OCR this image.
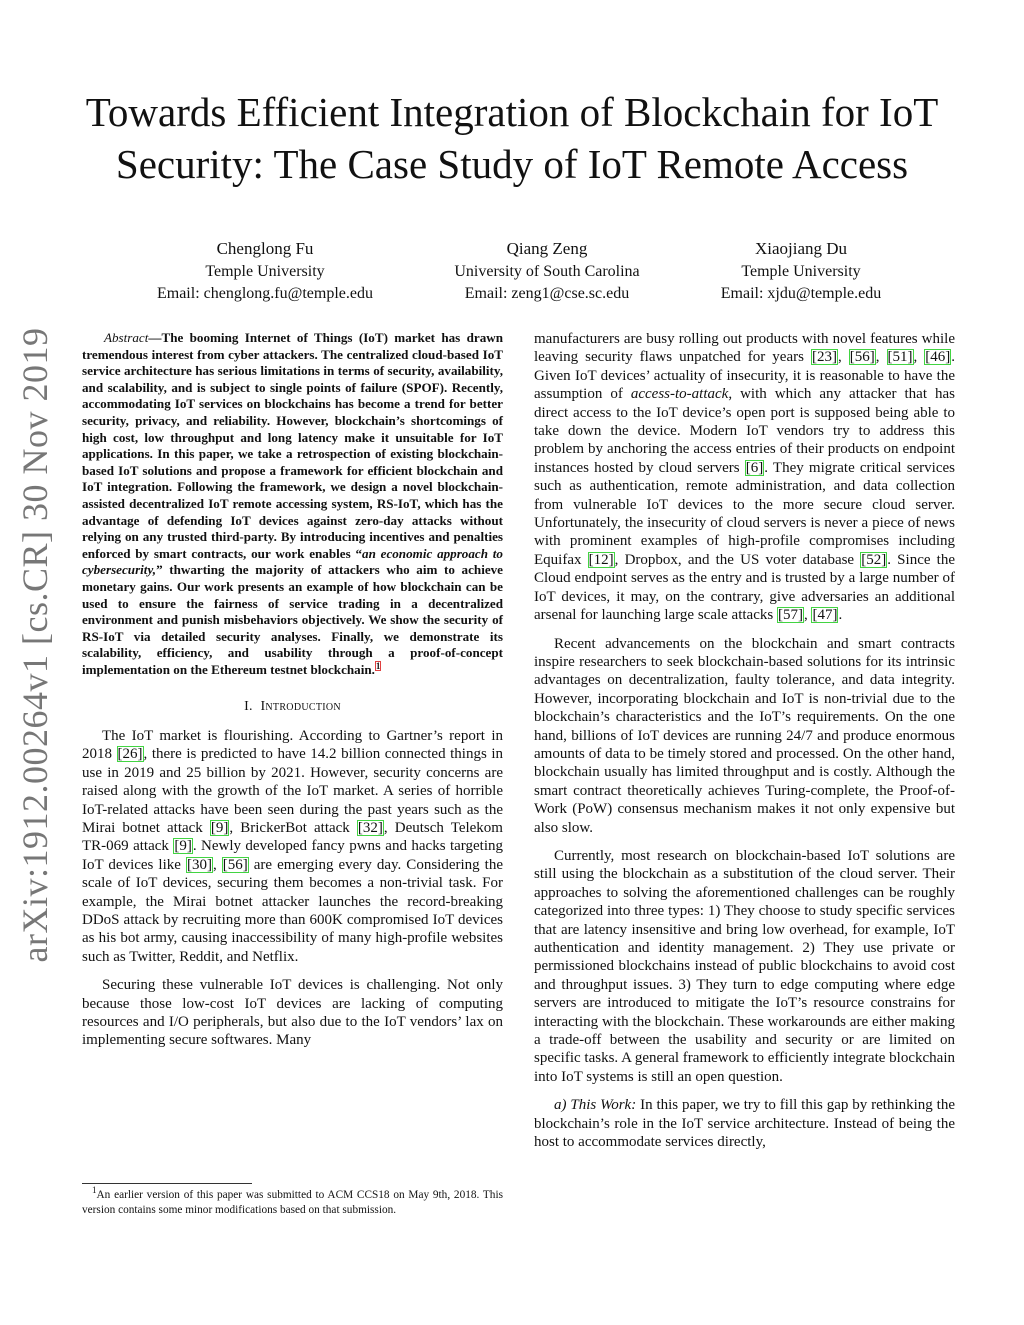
arXiv:1912.00264v1 [cs.CR] 30 Nov 2019
Towards Efficient Integration of Blockchain for IoT Security: The Case Study of IoT Remote Access
Chenglong Fu
Temple University
Email: chenglong.fu@temple.edu
Qiang Zeng
University of South Carolina
Email: zeng1@cse.sc.edu
Xiaojiang Du
Temple University
Email: xjdu@temple.edu

Abstract—The booming Internet of Things (IoT) market has drawn tremendous interest from cyber attackers. The centralized cloud-based IoT service architecture has serious limitations in terms of security, availability, and scalability, and is subject to single points of failure (SPOF). Recently, accommodating IoT services on blockchains has become a trend for better security, privacy, and reliability. However, blockchain’s shortcomings of high cost, low throughput and long latency make it unsuitable for IoT applications. In this paper, we take a retrospection of existing blockchain-based IoT solutions and propose a framework for efficient blockchain and IoT integration. Following the framework, we design a novel blockchain-assisted decentralized IoT remote accessing system, RS-IoT, which has the advantage of defending IoT devices against zero-day attacks without relying on any trusted third-party. By introducing incentives and penalties enforced by smart contracts, our work enables “an economic approach to cybersecurity,” thwarting the majority of attackers who aim to achieve monetary gains. Our work presents an example of how blockchain can be used to ensure the fairness of service trading in a decentralized environment and punish misbehaviors objectively. We show the security of RS-IoT via detailed security analyses. Finally, we demonstrate its scalability, efficiency, and usability through a proof-of-concept implementation on the Ethereum testnet blockchain.$^1$

I. Introduction

The IoT market is flourishing. According to Gartner’s report in 2018 [26], there is predicted to have 14.2 billion connected things in use in 2019 and 25 billion by 2021. However, security concerns are raised along with the growth of the IoT market. A series of horrible IoT-related attacks have been seen during the past years such as the Mirai botnet attack [9], BrickerBot attack [32], Deutsch Telekom TR-069 attack [9]. Newly developed fancy pwns and hacks targeting IoT devices like [30], [56] are emerging every day. Considering the scale of IoT devices, securing them becomes a non-trivial task. For example, the Mirai botnet attacker launches the record-breaking DDoS attack by recruiting more than 600K compromised IoT devices as his bot army, causing inaccessibility of many high-profile websites such as Twitter, Reddit, and Netflix.

Securing these vulnerable IoT devices is challenging. Not only because those low-cost IoT devices are lacking of computing resources and I/O peripherals, but also due to the IoT vendors’ lax on implementing secure softwares. Many

$^1$An earlier version of this paper was submitted to ACM CCS18 on May 9th, 2018. This version contains some minor modifications based on that submission.

manufacturers are busy rolling out products with novel features while leaving security flaws unpatched for years [23], [56], [51], [46]. Given IoT devices’ actuality of insecurity, it is reasonable to have the assumption of access-to-attack, with which any attacker that has direct access to the IoT device’s open port is supposed being able to take down the device. Modern IoT vendors try to address this problem by anchoring the access entries of their products on endpoint instances hosted by cloud servers [6]. They migrate critical services such as authentication, remote administration, and data collection from vulnerable IoT devices to the more secure cloud server. Unfortunately, the insecurity of cloud servers is never a piece of news with prominent examples of high-profile compromises including Equifax [12], Dropbox, and the US voter database [52]. Since the Cloud endpoint serves as the entry and is trusted by a large number of IoT devices, it may, on the contrary, give adversaries an additional arsenal for launching large scale attacks [57], [47].

Recent advancements on the blockchain and smart contracts inspire researchers to seek blockchain-based solutions for its intrinsic advantages on decentralization, faulty tolerance, and data integrity. However, incorporating blockchain and IoT is non-trivial due to the blockchain’s characteristics and the IoT’s requirements. On the one hand, billions of IoT devices are running 24/7 and produce enormous amounts of data to be timely stored and processed. On the other hand, blockchain usually has limited throughput and is costly. Although the smart contract theoretically achieves Turing-complete, the Proof-of-Work (PoW) consensus mechanism makes it not only expensive but also slow.

Currently, most research on blockchain-based IoT solutions are still using the blockchain as a substitution of the cloud server. Their approaches to solving the aforementioned challenges can be roughly categorized into three types: 1) They choose to study specific services that are latency insensitive and bring low overhead, for example, IoT authentication and identity management. 2) They use private or permissioned blockchains instead of public blockchains to avoid cost and throughput issues. 3) They turn to edge computing where edge servers are introduced to mitigate the IoT’s resource constrains for interacting with the blockchain. These workarounds are either making a trade-off between the usability and security or are limited on specific tasks. A general framework to efficiently integrate blockchain into IoT systems is still an open question.

a) This Work: In this paper, we try to fill this gap by rethinking the blockchain’s role in the IoT service architecture. Instead of being the host to accommodate services directly,
